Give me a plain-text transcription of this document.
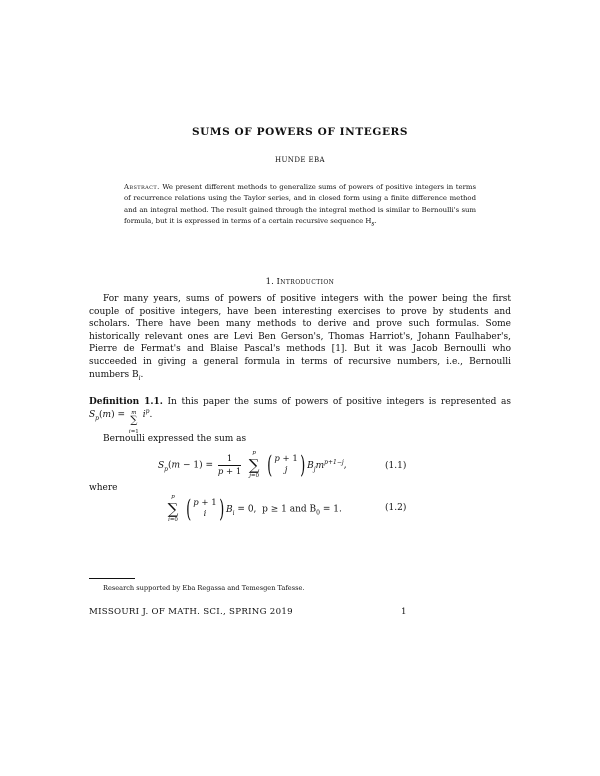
SUMS OF POWERS OF INTEGERS
HUNDE EBA
Abstract. We present different methods to generalize sums of powers of positive integers in terms of recurrence relations using the Taylor series, and in closed form using a finite difference method and an integral method. The result gained through the integral method is similar to Bernoulli's sum formula, but it is expressed in terms of a certain recursive sequence $H_s$.
1. Introduction
For many years, sums of powers of positive integers with the power being the first couple of positive integers, have been interesting exercises to prove by students and scholars. There have been many methods to derive and prove such formulas. Some historically relevant ones are Levi Ben Gerson's, Thomas Harriot's, Johann Faulhaber's, Pierre de Fermat's and Blaise Pascal's methods [1]. But it was Jacob Bernoulli who succeeded in giving a general formula in terms of recursive numbers, i.e., Bernoulli numbers $B_i$.
Definition 1.1. In this paper the sums of powers of positive integers is represented as $S_p(m) = m$
∑
i=1
$i^p$.
Bernoulli expressed the sum as
$S_p(m - 1) = \frac{1}{p + 1}$

p
∑
j=0 ( p + 1
j ) $B_jm^{p+1-j}$,	(1.1)
where
p
∑
i=0 ( p + 1
i ) $B_i = 0$,  p ≥ 1 and $B_0 = 1$.	(1.2)
Research supported by Eba Regassa and Temesgen Tafesse.
MISSOURI J. OF MATH. SCI., SPRING 2019	1
